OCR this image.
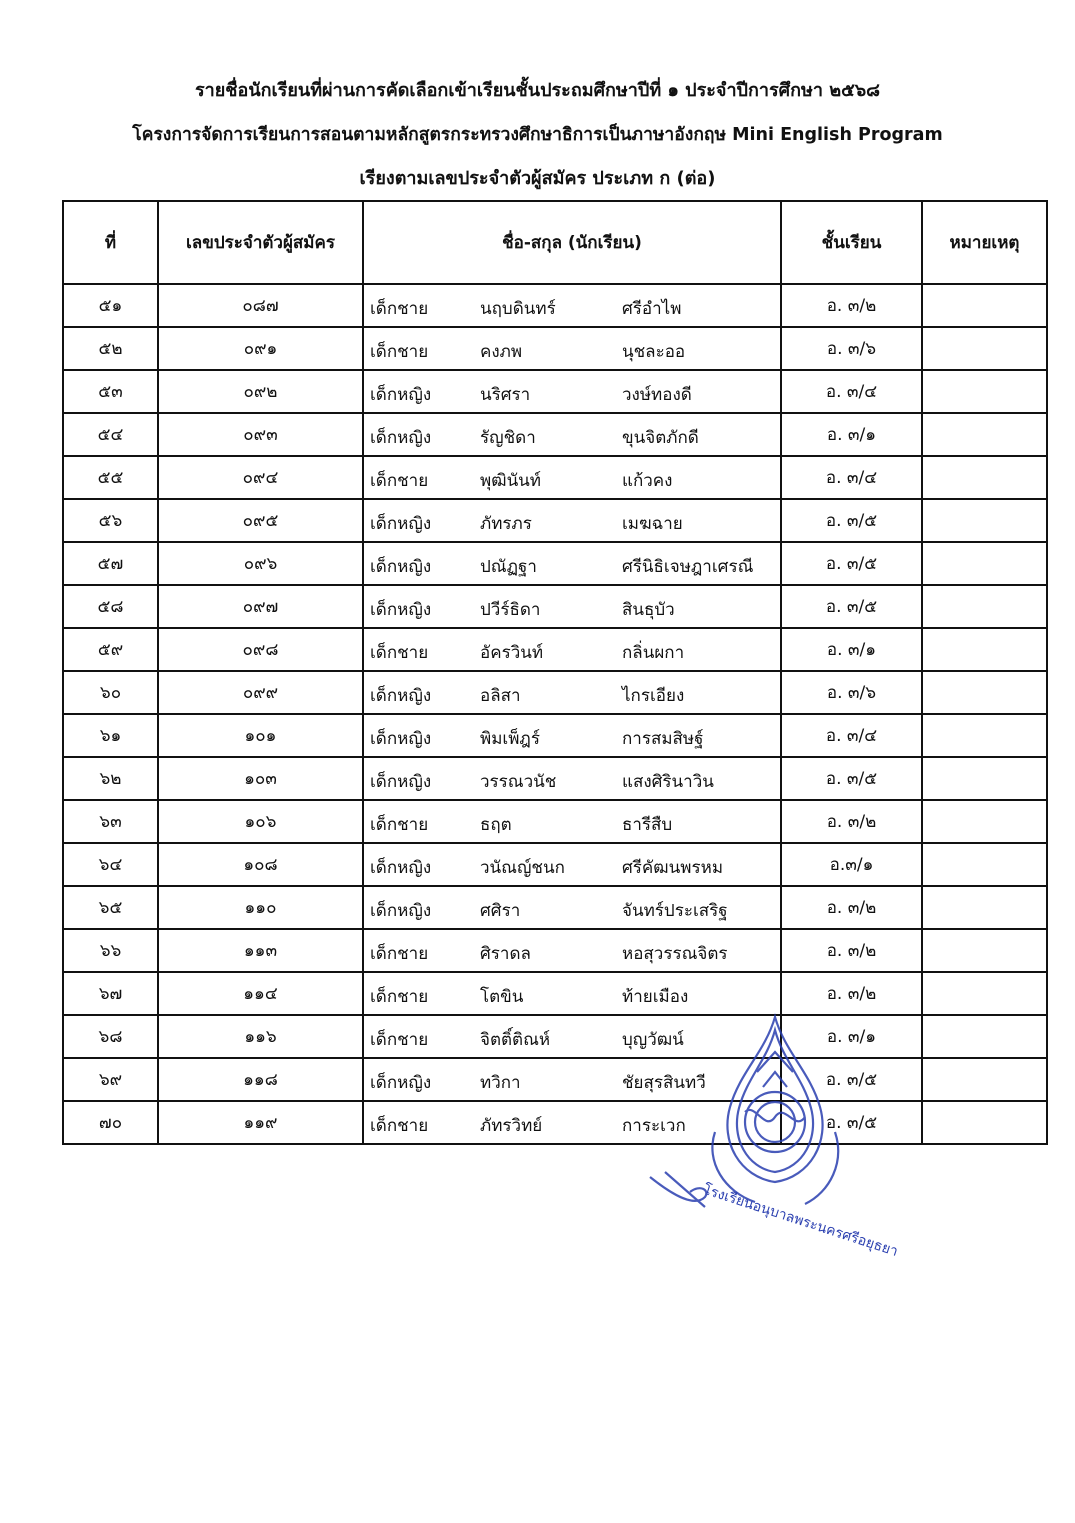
รายชื่อนักเรียนที่ผ่านการคัดเลือกเข้าเรียนชั้นประถมศึกษาปีที่ ๑ ประจำปีการศึกษา ๒๕๖๘
โครงการจัดการเรียนการสอนตามหลักสูตรกระทรวงศึกษาธิการเป็นภาษาอังกฤษ Mini English Program
เรียงตามเลขประจำตัวผู้สมัคร ประเภท ก (ต่อ)
ที่	เลขประจำตัวผู้สมัคร	ชื่อ-สกุล (นักเรียน)	ชั้นเรียน	หมายเหตุ
๕๑	๐๘๗	เด็กชาย นฤบดินทร์ ศรีอำไพ	อ. ๓/๒	
๕๒	๐๙๑	เด็กชาย คงภพ นุชละออ	อ. ๓/๖	
๕๓	๐๙๒	เด็กหญิง นริศรา วงษ์ทองดี	อ. ๓/๔	
๕๔	๐๙๓	เด็กหญิง รัญชิดา ขุนจิตภักดี	อ. ๓/๑	
๕๕	๐๙๔	เด็กชาย พุฒินันท์ แก้วคง	อ. ๓/๔	
๕๖	๐๙๕	เด็กหญิง ภัทรภร เมฆฉาย	อ. ๓/๕	
๕๗	๐๙๖	เด็กหญิง ปณัฏฐา ศรีนิธิเจษฎาเศรณี	อ. ๓/๕	
๕๘	๐๙๗	เด็กหญิง ปวีร์ธิดา สินธุบัว	อ. ๓/๕	
๕๙	๐๙๘	เด็กชาย อัครวินท์ กลิ่นผกา	อ. ๓/๑	
๖๐	๐๙๙	เด็กหญิง อลิสา ไกรเอียง	อ. ๓/๖	
๖๑	๑๐๑	เด็กหญิง พิมเพ็ฎร์ การสมสิษฐ์	อ. ๓/๔	
๖๒	๑๐๓	เด็กหญิง วรรณวนัช แสงศิรินาวิน	อ. ๓/๕	
๖๓	๑๐๖	เด็กชาย ธฤต ธารีสืบ	อ. ๓/๒	
๖๔	๑๐๘	เด็กหญิง วนัณญ์ชนก ศรีคัฒนพรหม	อ.๓/๑	
๖๕	๑๑๐	เด็กหญิง ศศิรา จันทร์ประเสริฐ	อ. ๓/๒	
๖๖	๑๑๓	เด็กชาย ศิราดล หอสุวรรณจิตร	อ. ๓/๒	
๖๗	๑๑๔	เด็กชาย โตขิน ท้ายเมือง	อ. ๓/๒	
๖๘	๑๑๖	เด็กชาย จิตติ์ติณห์ บุญวัฒน์	อ. ๓/๑	
๖๙	๑๑๘	เด็กหญิง ทวิกา ชัยสุรสินทวี	อ. ๓/๕	
๗๐	๑๑๙	เด็กชาย ภัทรวิทย์ การะเวก	อ. ๓/๕	
โรงเรียนอนุบาลพระนครศรีอยุธยา
